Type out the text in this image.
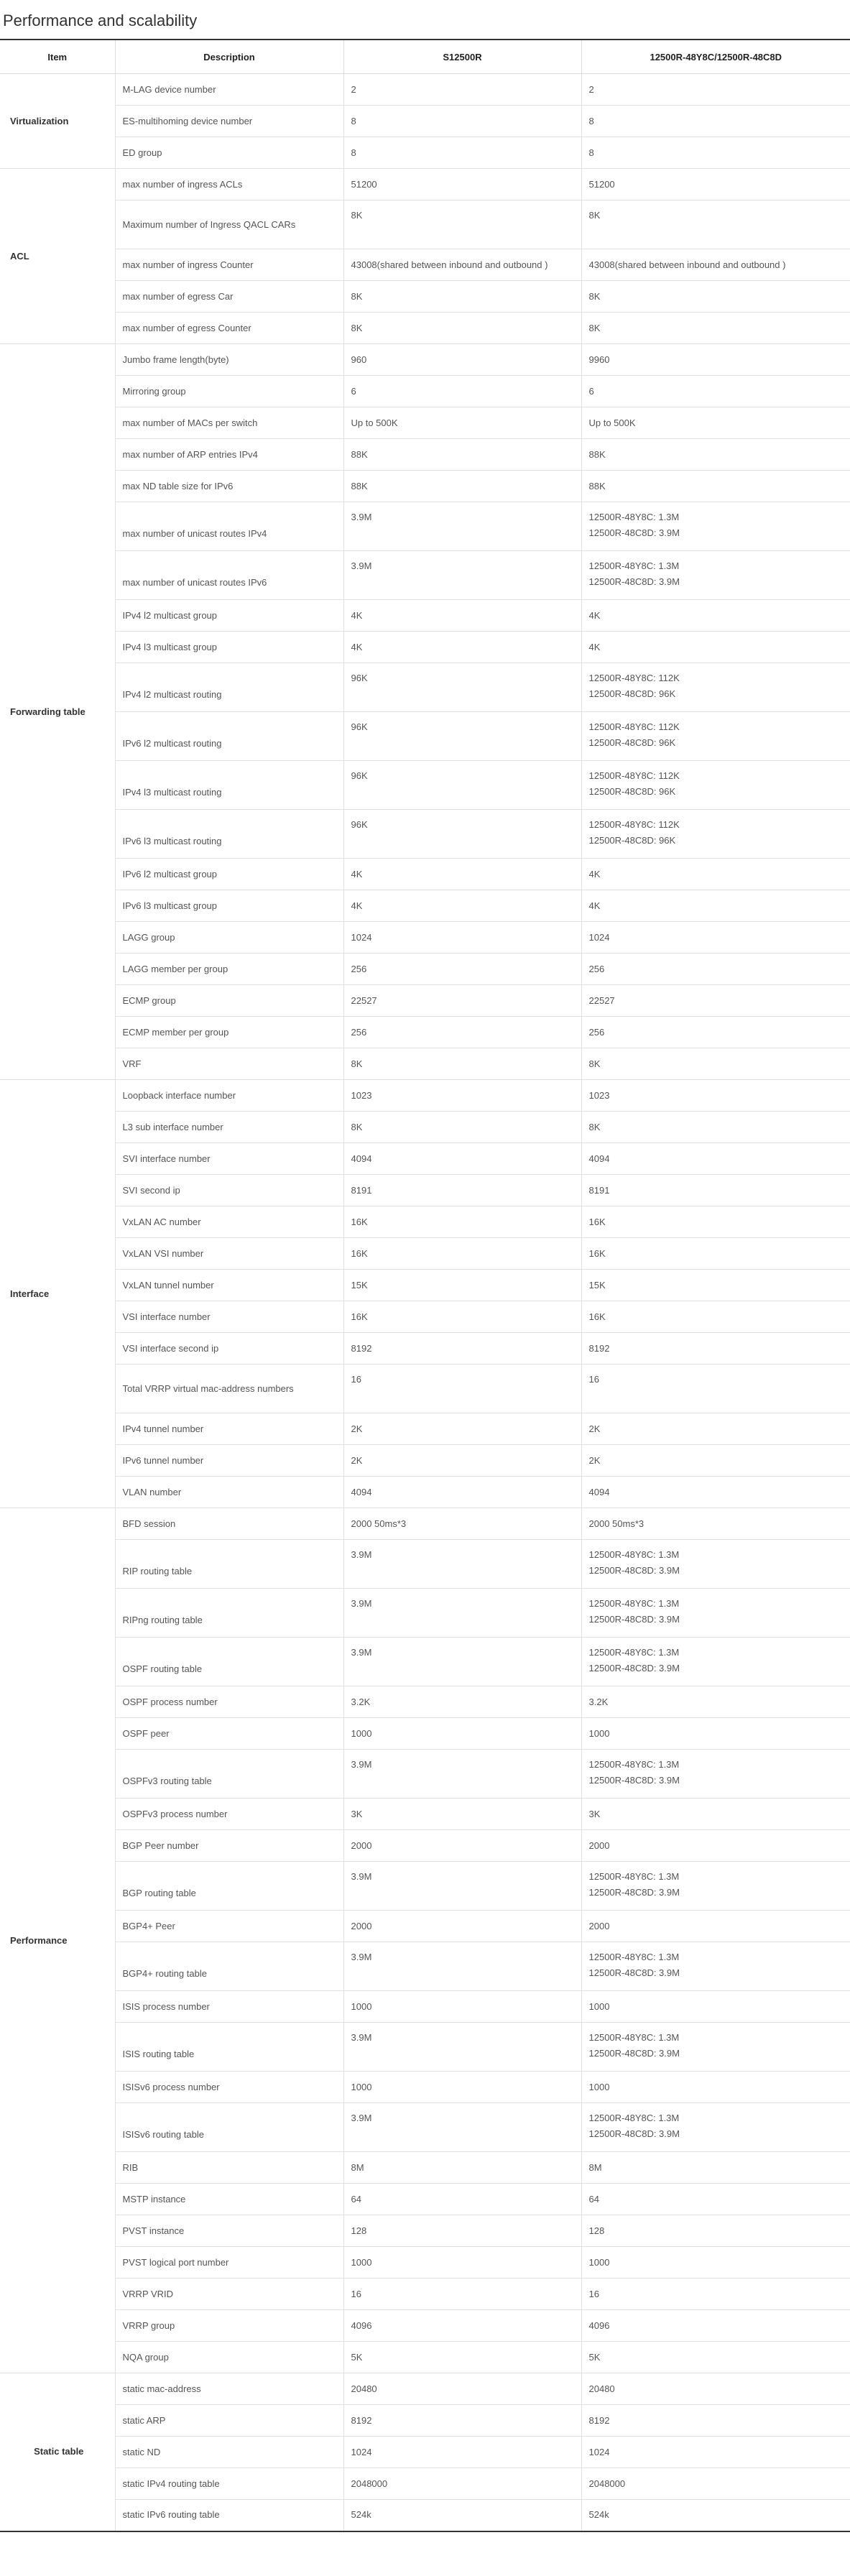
Performance and scalability
Item	Description	S12500R	12500R-48Y8C/12500R-48C8D
Virtualization	M-LAG device number	2	2
	ES-multihoming device number	8	8
	ED group	8	8
ACL	max number of ingress ACLs	51200	51200
	Maximum number of Ingress QACL CARs	8K	8K
	max number of ingress Counter	43008(shared between inbound and outbound )	43008(shared between inbound and outbound )
	max number of egress Car	8K	8K
	max number of egress Counter	8K	8K
Forwarding table	Jumbo frame length(byte)	960	9960
	Mirroring group	6	6
	max number of MACs per switch	Up to 500K	Up to 500K
	max number of ARP entries IPv4	88K	88K
	max ND table size for IPv6	88K	88K
	max number of unicast routes IPv4	3.9M	12500R-48Y8C: 1.3M
12500R-48C8D: 3.9M
	max number of unicast routes IPv6	3.9M	12500R-48Y8C: 1.3M
12500R-48C8D: 3.9M
	IPv4 l2 multicast group	4K	4K
	IPv4 l3 multicast group	4K	4K
	IPv4 l2 multicast routing	96K	12500R-48Y8C: 112K
12500R-48C8D: 96K
	IPv6 l2 multicast routing	96K	12500R-48Y8C: 112K
12500R-48C8D: 96K
	IPv4 l3 multicast routing	96K	12500R-48Y8C: 112K
12500R-48C8D: 96K
	IPv6 l3 multicast routing	96K	12500R-48Y8C: 112K
12500R-48C8D: 96K
	IPv6 l2 multicast group	4K	4K
	IPv6 l3 multicast group	4K	4K
	LAGG group	1024	1024
	LAGG member per group	256	256
	ECMP group	22527	22527
	ECMP member per group	256	256
	VRF	8K	8K
Interface	Loopback interface number	1023	1023
	L3 sub interface number	8K	8K
	SVI interface number	4094	4094
	SVI second ip	8191	8191
	VxLAN AC number	16K	16K
	VxLAN VSI number	16K	16K
	VxLAN tunnel number	15K	15K
	VSI interface number	16K	16K
	VSI interface second ip	8192	8192
	Total VRRP virtual mac-address numbers	16	16
	IPv4 tunnel number	2K	2K
	IPv6 tunnel number	2K	2K
	VLAN number	4094	4094
Performance	BFD session	2000 50ms*3	2000 50ms*3
	RIP routing table	3.9M	12500R-48Y8C: 1.3M
12500R-48C8D: 3.9M
	RIPng routing table	3.9M	12500R-48Y8C: 1.3M
12500R-48C8D: 3.9M
	OSPF routing table	3.9M	12500R-48Y8C: 1.3M
12500R-48C8D: 3.9M
	OSPF process number	3.2K	3.2K
	OSPF peer	1000	1000
	OSPFv3 routing table	3.9M	12500R-48Y8C: 1.3M
12500R-48C8D: 3.9M
	OSPFv3 process number	3K	3K
	BGP Peer number	2000	2000
	BGP routing table	3.9M	12500R-48Y8C: 1.3M
12500R-48C8D: 3.9M
	BGP4+ Peer	2000	2000
	BGP4+ routing table	3.9M	12500R-48Y8C: 1.3M
12500R-48C8D: 3.9M
	ISIS process number	1000	1000
	ISIS routing table	3.9M	12500R-48Y8C: 1.3M
12500R-48C8D: 3.9M
	ISISv6 process number	1000	1000
	ISISv6 routing table	3.9M	12500R-48Y8C: 1.3M
12500R-48C8D: 3.9M
	RIB	8M	8M
	MSTP instance	64	64
	PVST instance	128	128
	PVST logical port number	1000	1000
	VRRP VRID	16	16
	VRRP group	4096	4096
	NQA group	5K	5K
Static table	static mac-address	20480	20480
	static ARP	8192	8192
	static ND	1024	1024
	static IPv4 routing table	2048000	2048000
	static IPv6 routing table	524k	524k
